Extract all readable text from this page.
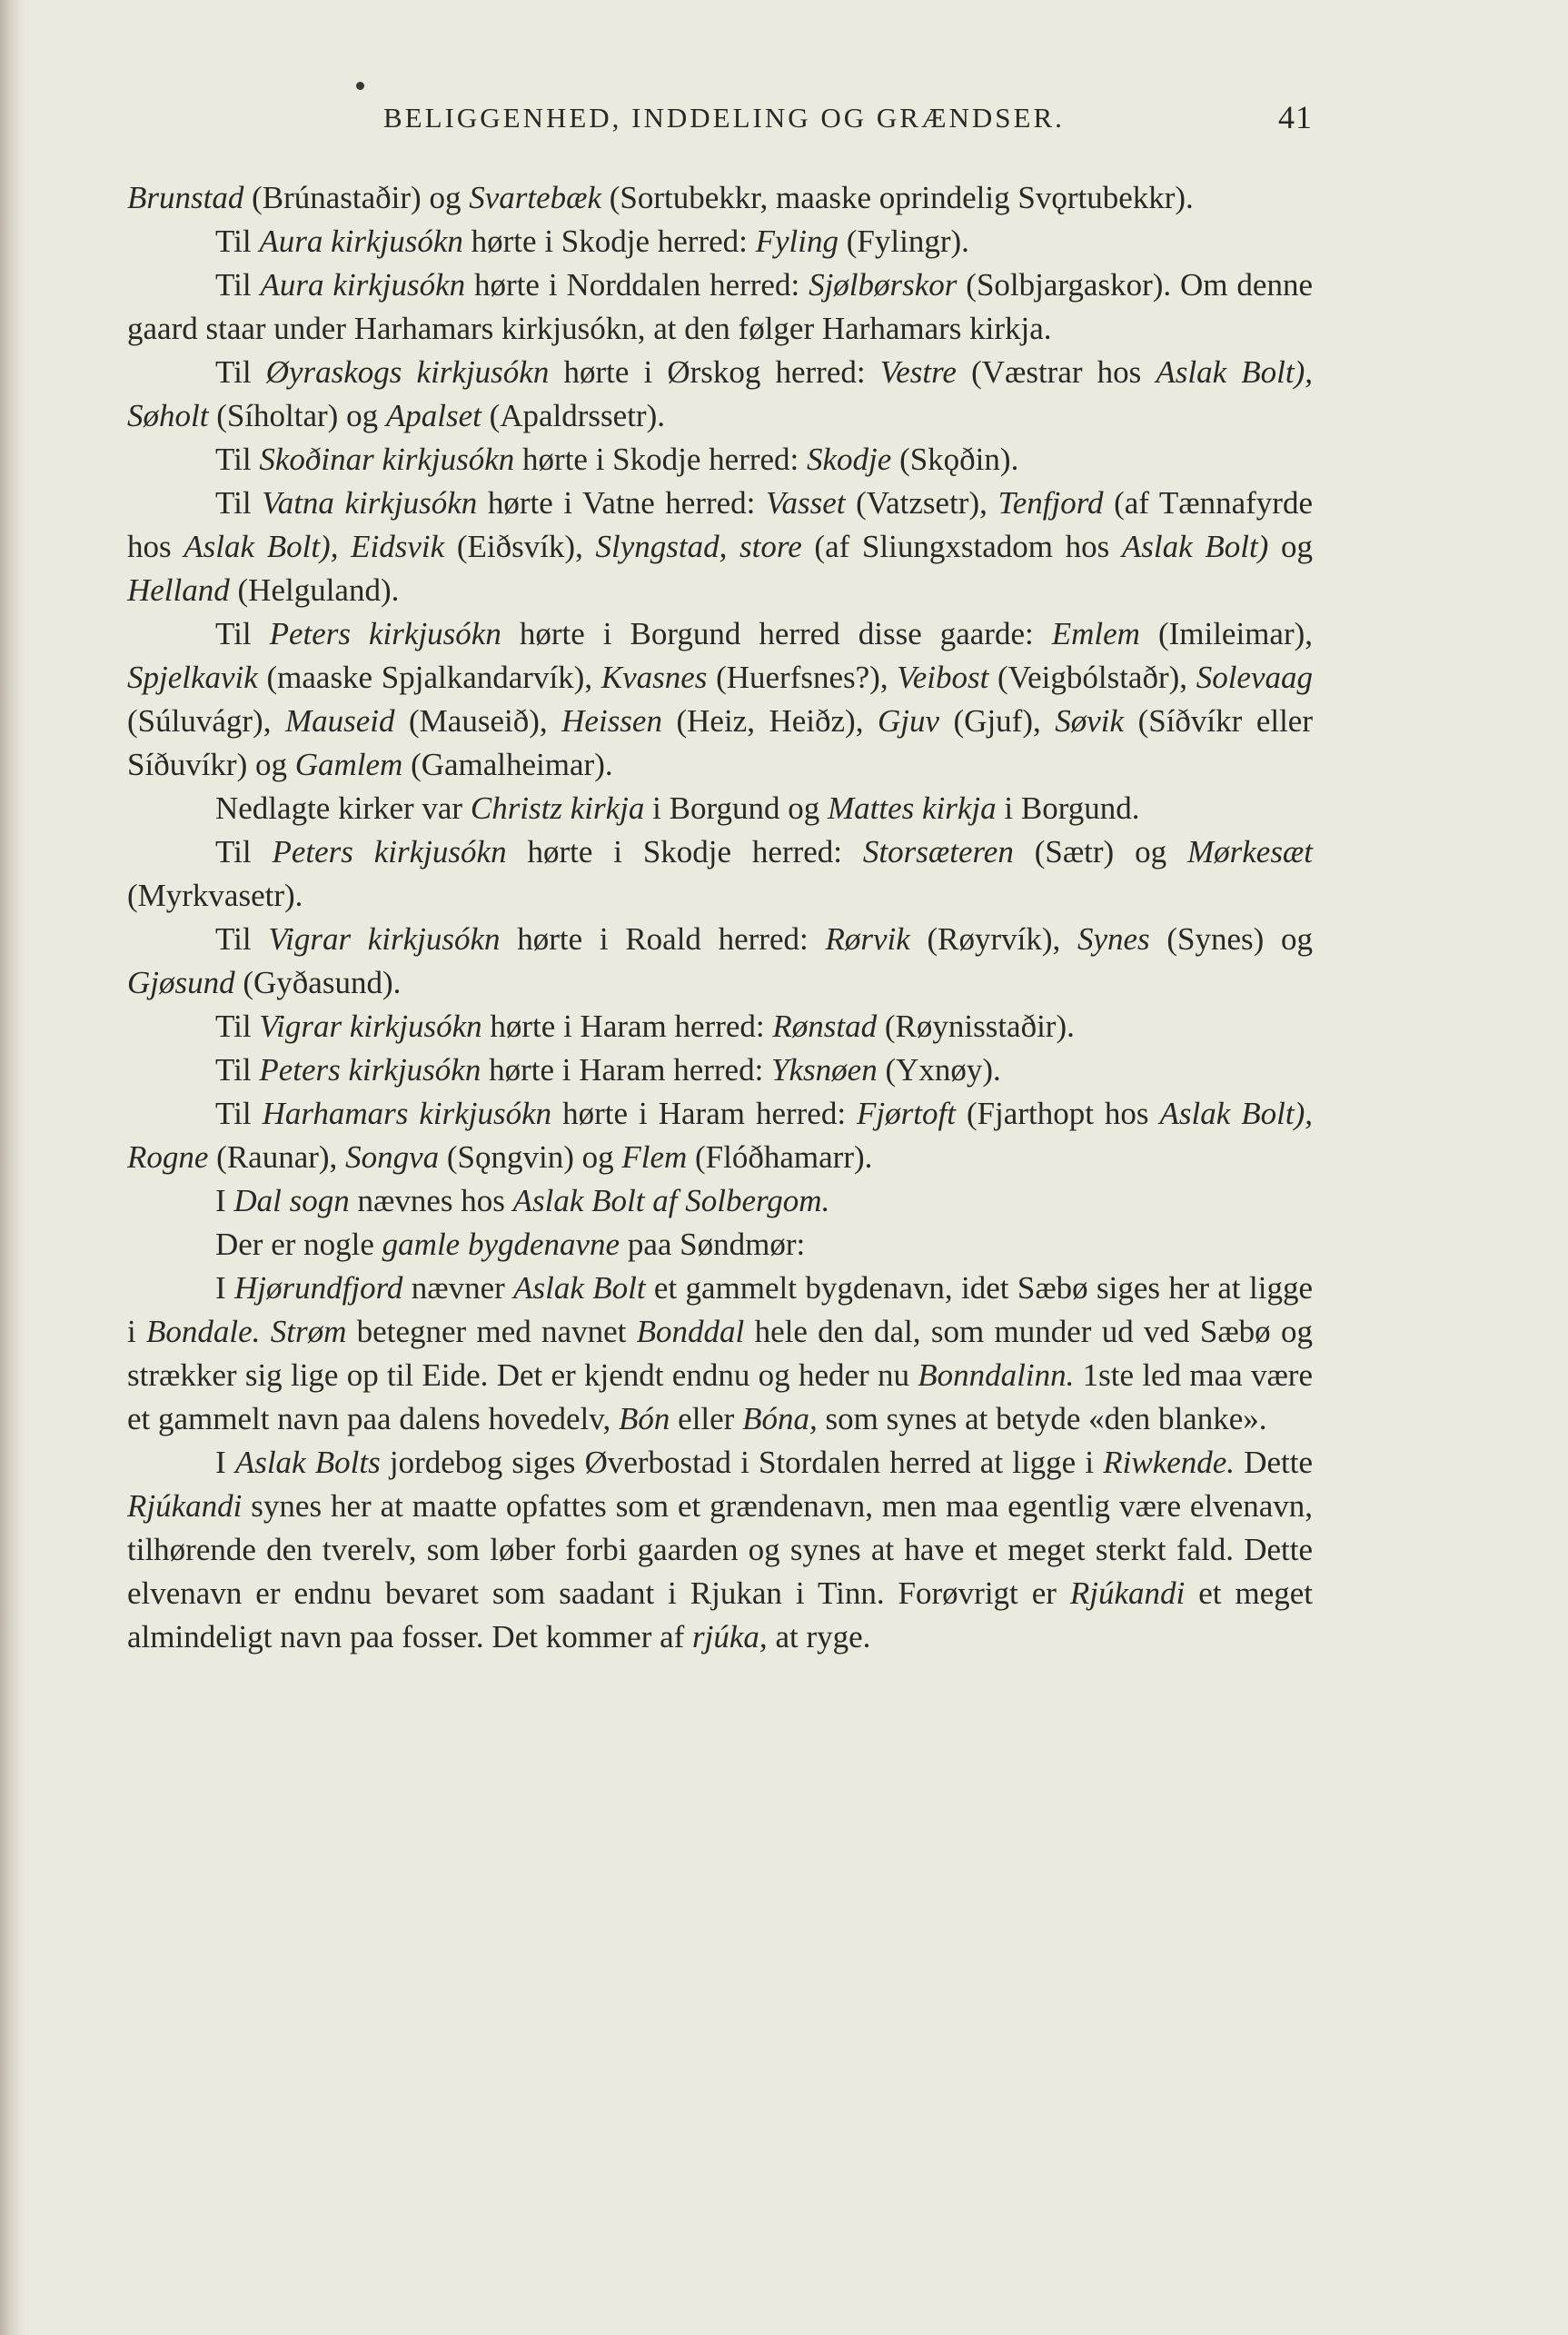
BELIGGENHED, INDDELING OG GRÆNDSER.	41

Brunstad (Brúnastaðir) og Svartebæk (Sortubekkr, maaske oprindelig Svǫrtubekkr).

Til Aura kirkjusókn hørte i Skodje herred: Fyling (Fylingr).

Til Aura kirkjusókn hørte i Norddalen herred: Sjølbørskor (Solbjargaskor). Om denne gaard staar under Harhamars kirkjusókn, at den følger Harhamars kirkja.

Til Øyraskogs kirkjusókn hørte i Ørskog herred: Vestre (Væstrar hos Aslak Bolt), Søholt (Síholtar) og Apalset (Apaldrssetr).

Til Skoðinar kirkjusókn hørte i Skodje herred: Skodje (Skǫðin).

Til Vatna kirkjusókn hørte i Vatne herred: Vasset (Vatzsetr), Tenfjord (af Tænnafyrde hos Aslak Bolt), Eidsvik (Eiðsvík), Slyngstad, store (af Sliungxstadom hos Aslak Bolt) og Helland (Helguland).

Til Peters kirkjusókn hørte i Borgund herred disse gaarde: Emlem (Imileimar), Spjelkavik (maaske Spjalkandarvík), Kvasnes (Huerfsnes?), Veibost (Veigbólstaðr), Solevaag (Súluvágr), Mauseid (Mauseið), Heissen (Heiz, Heiðz), Gjuv (Gjuf), Søvik (Síðvíkr eller Síðuvíkr) og Gamlem (Gamalheimar).

Nedlagte kirker var Christz kirkja i Borgund og Mattes kirkja i Borgund.

Til Peters kirkjusókn hørte i Skodje herred: Storsæteren (Sætr) og Mørkesæt (Myrkvasetr).

Til Vigrar kirkjusókn hørte i Roald herred: Rørvik (Røyrvík), Synes (Synes) og Gjøsund (Gyðasund).

Til Vigrar kirkjusókn hørte i Haram herred: Rønstad (Røynisstaðir).

Til Peters kirkjusókn hørte i Haram herred: Yksnøen (Yxnøy).

Til Harhamars kirkjusókn hørte i Haram herred: Fjørtoft (Fjarthopt hos Aslak Bolt), Rogne (Raunar), Songva (Sǫngvin) og Flem (Flóðhamarr).

I Dal sogn nævnes hos Aslak Bolt af Solbergom.

Der er nogle gamle bygdenavne paa Søndmør:

I Hjørundfjord nævner Aslak Bolt et gammelt bygdenavn, idet Sæbø siges her at ligge i Bondale. Strøm betegner med navnet Bonddal hele den dal, som munder ud ved Sæbø og strækker sig lige op til Eide. Det er kjendt endnu og heder nu Bonndalinn. 1ste led maa være et gammelt navn paa dalens hovedelv, Bón eller Bóna, som synes at betyde «den blanke».

I Aslak Bolts jordebog siges Øverbostad i Stordalen herred at ligge i Riwkende. Dette Rjúkandi synes her at maatte opfattes som et grændenavn, men maa egentlig være elvenavn, tilhørende den tverelv, som løber forbi gaarden og synes at have et meget sterkt fald. Dette elvenavn er endnu bevaret som saadant i Rjukan i Tinn. Forøvrigt er Rjúkandi et meget almindeligt navn paa fosser. Det kommer af rjúka, at ryge.
